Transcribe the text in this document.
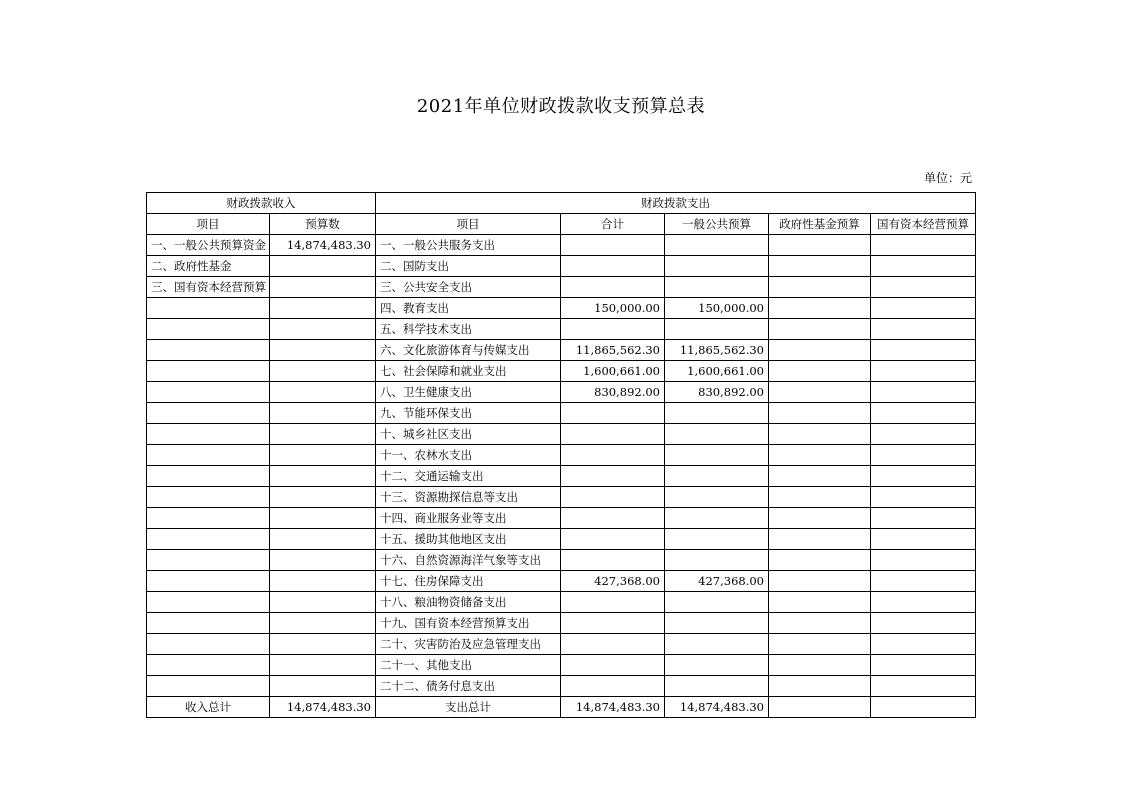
2021年单位财政拨款收支预算总表
单位：元
财政拨款收入		财政拨款支出				
项目	预算数	项目	合计	一般公共预算	政府性基金预算	国有资本经营预算
一、一般公共预算资金	14,874,483.30	一、一般公共服务支出				
二、政府性基金		二、国防支出				
三、国有资本经营预算		三、公共安全支出				
		四、教育支出	150,000.00	150,000.00		
		五、科学技术支出				
		六、文化旅游体育与传媒支出	11,865,562.30	11,865,562.30		
		七、社会保障和就业支出	1,600,661.00	1,600,661.00		
		八、卫生健康支出	830,892.00	830,892.00		
		九、节能环保支出				
		十、城乡社区支出				
		十一、农林水支出				
		十二、交通运输支出				
		十三、资源勘探信息等支出				
		十四、商业服务业等支出				
		十五、援助其他地区支出				
		十六、自然资源海洋气象等支出				
		十七、住房保障支出	427,368.00	427,368.00		
		十八、粮油物资储备支出				
		十九、国有资本经营预算支出				
		二十、灾害防治及应急管理支出				
		二十一、其他支出				
		二十二、债务付息支出				
收入总计	14,874,483.30	支出总计	14,874,483.30	14,874,483.30		
